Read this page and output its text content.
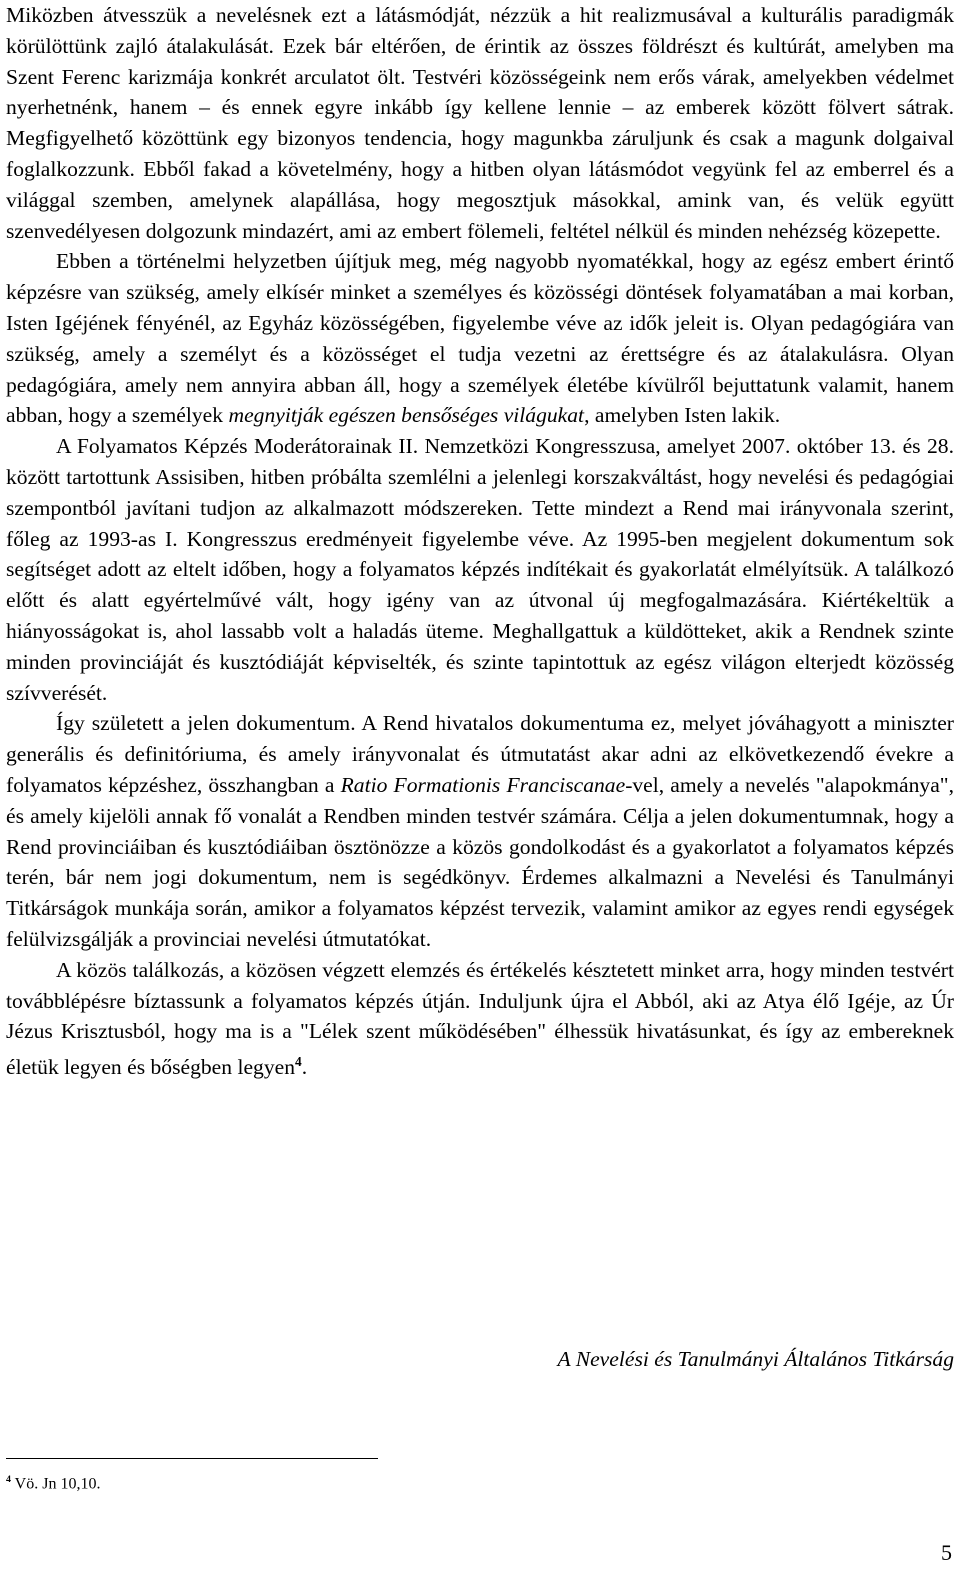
Miközben átvesszük a nevelésnek ezt a látásmódját, nézzük a hit realizmusával a kulturális paradigmák körülöttünk zajló átalakulását. Ezek bár eltérően, de érintik az összes földrészt és kultúrát, amelyben ma Szent Ferenc karizmája konkrét arculatot ölt. Testvéri közösségeink nem erős várak, amelyekben védelmet nyerhetnénk, hanem – és ennek egyre inkább így kellene lennie – az emberek között fölvert sátrak. Megfigyelhető közöttünk egy bizonyos tendencia, hogy magunkba záruljunk és csak a magunk dolgaival foglalkozzunk. Ebből fakad a követelmény, hogy a hitben olyan látásmódot vegyünk fel az emberrel és a világgal szemben, amelynek alapállása, hogy megosztjuk másokkal, amink van, és velük együtt szenvedélyesen dolgozunk mindazért, ami az embert fölemeli, feltétel nélkül és minden nehézség közepette.

Ebben a történelmi helyzetben újítjuk meg, még nagyobb nyomatékkal, hogy az egész embert érintő képzésre van szükség, amely elkísér minket a személyes és közösségi döntések folyamatában a mai korban, Isten Igéjének fényénél, az Egyház közösségében, figyelembe véve az idők jeleit is. Olyan pedagógiára van szükség, amely a személyt és a közösséget el tudja vezetni az érettségre és az átalakulásra. Olyan pedagógiára, amely nem annyira abban áll, hogy a személyek életébe kívülről bejuttatunk valamit, hanem abban, hogy a személyek megnyitják egészen bensőséges világukat, amelyben Isten lakik.

A Folyamatos Képzés Moderátorainak II. Nemzetközi Kongresszusa, amelyet 2007. október 13. és 28. között tartottunk Assisiben, hitben próbálta szemlélni a jelenlegi korszakváltást, hogy nevelési és pedagógiai szempontból javítani tudjon az alkalmazott módszereken. Tette mindezt a Rend mai irányvonala szerint, főleg az 1993-as I. Kongresszus eredményeit figyelembe véve. Az 1995-ben megjelent dokumentum sok segítséget adott az eltelt időben, hogy a folyamatos képzés indítékait és gyakorlatát elmélyítsük. A találkozó előtt és alatt egyértelművé vált, hogy igény van az útvonal új megfogalmazására. Kiértékeltük a hiányosságokat is, ahol lassabb volt a haladás üteme. Meghallgattuk a küldötteket, akik a Rendnek szinte minden provinciáját és kusztódiáját képviselték, és szinte tapintottuk az egész világon elterjedt közösség szívverését.

Így született a jelen dokumentum. A Rend hivatalos dokumentuma ez, melyet jóváhagyott a miniszter generális és definitóriuma, és amely irányvonalat és útmutatást akar adni az elkövetkezendő évekre a folyamatos képzéshez, összhangban a Ratio Formationis Franciscanae-vel, amely a nevelés "alapokmánya", és amely kijelöli annak fő vonalát a Rendben minden testvér számára. Célja a jelen dokumentumnak, hogy a Rend provinciáiban és kusztódiáiban ösztönözze a közös gondolkodást és a gyakorlatot a folyamatos képzés terén, bár nem jogi dokumentum, nem is segédkönyv. Érdemes alkalmazni a Nevelési és Tanulmányi Titkárságok munkája során, amikor a folyamatos képzést tervezik, valamint amikor az egyes rendi egységek felülvizsgálják a provinciai nevelési útmutatókat.

A közös találkozás, a közösen végzett elemzés és értékelés késztetett minket arra, hogy minden testvért továbblépésre bíztassunk a folyamatos képzés útján. Induljunk újra el Abból, aki az Atya élő Igéje, az Úr Jézus Krisztusból, hogy ma is a "Lélek szent működésében" élhessük hivatásunkat, és így az embereknek életük legyen és bőségben legyen$^4$.

A Nevelési és Tanulmányi Általános Titkárság
$^4$ Vö. Jn 10,10.
5
